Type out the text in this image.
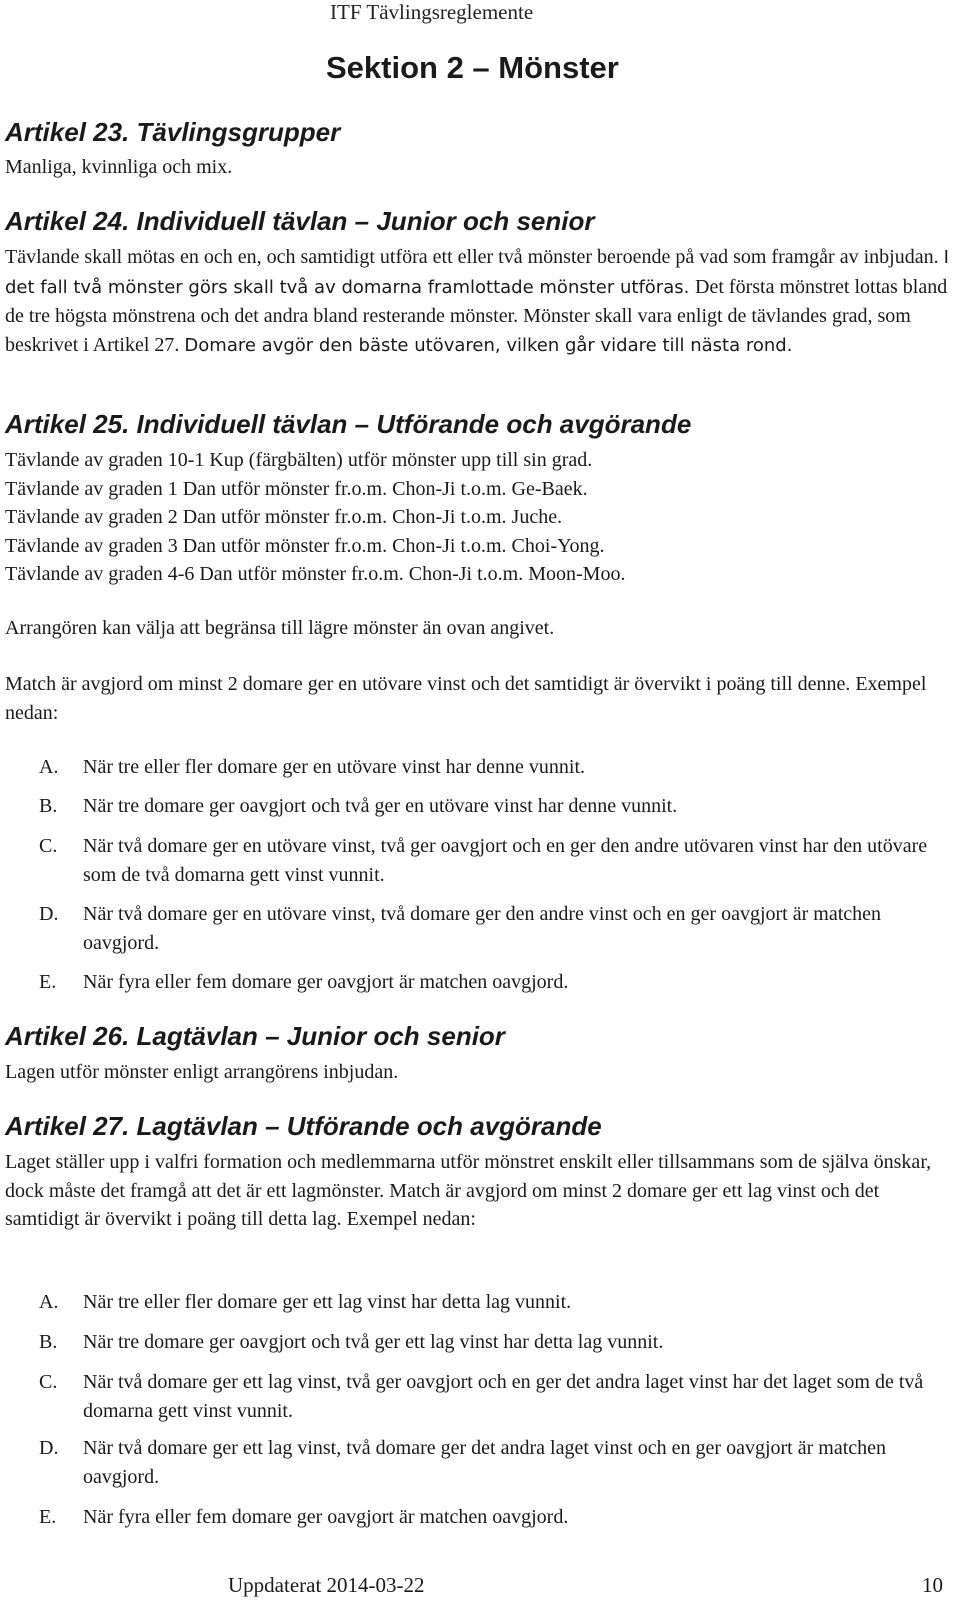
ITF Tävlingsreglemente
Sektion 2 – Mönster
Artikel 23. Tävlingsgrupper
Manliga, kvinnliga och mix.
Artikel 24. Individuell tävlan – Junior och senior
Tävlande skall mötas en och en, och samtidigt utföra ett eller två mönster beroende på vad som framgår av inbjudan. I det fall två mönster görs skall två av domarna framlottade mönster utföras. Det första mönstret lottas bland de tre högsta mönstrena och det andra bland resterande mönster. Mönster skall vara enligt de tävlandes grad, som beskrivet i Artikel 27. Domare avgör den bäste utövaren, vilken går vidare till nästa rond.
Artikel 25. Individuell tävlan – Utförande och avgörande
Tävlande av graden 10-1 Kup (färgbälten) utför mönster upp till sin grad.
Tävlande av graden 1 Dan utför mönster fr.o.m. Chon-Ji t.o.m. Ge-Baek.
Tävlande av graden 2 Dan utför mönster fr.o.m. Chon-Ji t.o.m. Juche.
Tävlande av graden 3 Dan utför mönster fr.o.m. Chon-Ji t.o.m. Choi-Yong.
Tävlande av graden 4-6 Dan utför mönster fr.o.m. Chon-Ji t.o.m. Moon-Moo.
Arrangören kan välja att begränsa till lägre mönster än ovan angivet.
Match är avgjord om minst 2 domare ger en utövare vinst och det samtidigt är övervikt i poäng till denne. Exempel nedan:
A. När tre eller fler domare ger en utövare vinst har denne vunnit.
B. När tre domare ger oavgjort och två ger en utövare vinst har denne vunnit.
C. När två domare ger en utövare vinst, två ger oavgjort och en ger den andre utövaren vinst har den utövare som de två domarna gett vinst vunnit.
D. När två domare ger en utövare vinst, två domare ger den andre vinst och en ger oavgjort är matchen oavgjord.
E. När fyra eller fem domare ger oavgjort är matchen oavgjord.
Artikel 26. Lagtävlan – Junior och senior
Lagen utför mönster enligt arrangörens inbjudan.
Artikel 27. Lagtävlan – Utförande och avgörande
Laget ställer upp i valfri formation och medlemmarna utför mönstret enskilt eller tillsammans som de själva önskar, dock måste det framgå att det är ett lagmönster. Match är avgjord om minst 2 domare ger ett lag vinst och det samtidigt är övervikt i poäng till detta lag. Exempel nedan:
A. När tre eller fler domare ger ett lag vinst har detta lag vunnit.
B. När tre domare ger oavgjort och två ger ett lag vinst har detta lag vunnit.
C. När två domare ger ett lag vinst, två ger oavgjort och en ger det andra laget vinst har det laget som de två domarna gett vinst vunnit.
D. När två domare ger ett lag vinst, två domare ger det andra laget vinst och en ger oavgjort är matchen oavgjord.
E. När fyra eller fem domare ger oavgjort är matchen oavgjord.
Uppdaterat 2014-03-22	10
